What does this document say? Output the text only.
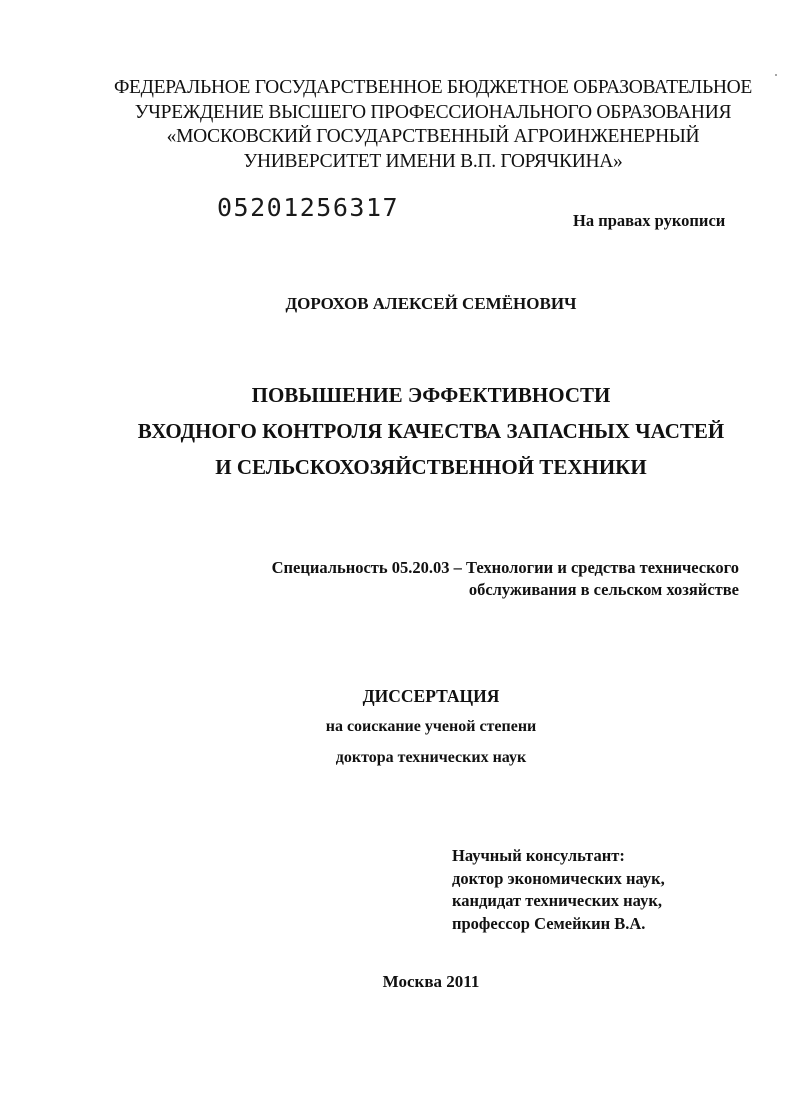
ФЕДЕРАЛЬНОЕ ГОСУДАРСТВЕННОЕ БЮДЖЕТНОЕ ОБРАЗОВАТЕЛЬНОЕ
УЧРЕЖДЕНИЕ ВЫСШЕГО ПРОФЕССИОНАЛЬНОГО ОБРАЗОВАНИЯ
«МОСКОВСКИЙ ГОСУДАРСТВЕННЫЙ АГРОИНЖЕНЕРНЫЙ
УНИВЕРСИТЕТ ИМЕНИ В.П. ГОРЯЧКИНА»
05201256317	На правах рукописи
ДОРОХОВ АЛЕКСЕЙ СЕМЁНОВИЧ
ПОВЫШЕНИЕ ЭФФЕКТИВНОСТИ
ВХОДНОГО КОНТРОЛЯ КАЧЕСТВА ЗАПАСНЫХ ЧАСТЕЙ
И СЕЛЬСКОХОЗЯЙСТВЕННОЙ ТЕХНИКИ
Специальность 05.20.03 – Технологии и средства технического
обслуживания в сельском хозяйстве
ДИССЕРТАЦИЯ
на соискание ученой степени
доктора технических наук
Научный консультант:
доктор экономических наук,
кандидат технических наук,
профессор Семейкин В.А.
Москва 2011
